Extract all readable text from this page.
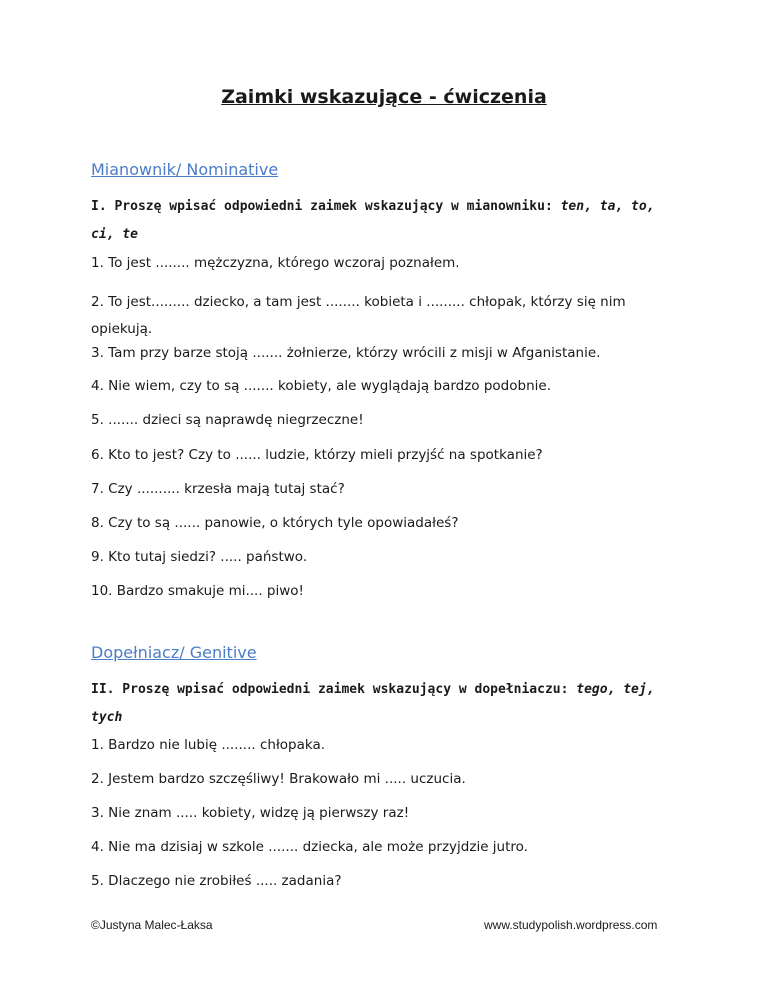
Zaimki wskazujące - ćwiczenia
Mianownik/ Nominative

I. Proszę wpisać odpowiedni zaimek wskazujący w mianowniku: ten, ta, to, ci, te

1. To jest ........ mężczyzna, którego wczoraj poznałem.

2. To jest......... dziecko, a tam jest ........ kobieta i ......... chłopak, którzy się nim opiekują.

3. Tam przy barze stoją ....... żołnierze, którzy wrócili z misji w Afganistanie.

4. Nie wiem, czy to są ....... kobiety, ale wyglądają bardzo podobnie.

5. ....... dzieci są naprawdę niegrzeczne!

6. Kto to jest? Czy to ...... ludzie, którzy mieli przyjść na spotkanie?

7. Czy .......... krzesła mają tutaj stać?

8. Czy to są ...... panowie, o których tyle opowiadałeś?

9. Kto tutaj siedzi? ..... państwo.

10. Bardzo smakuje mi.... piwo!

Dopełniacz/ Genitive

II. Proszę wpisać odpowiedni zaimek wskazujący w dopełniaczu: tego, tej, tych

1. Bardzo nie lubię ........ chłopaka.

2. Jestem bardzo szczęśliwy! Brakowało mi ..... uczucia.

3. Nie znam ..... kobiety, widzę ją pierwszy raz!

4. Nie ma dzisiaj w szkole ....... dziecka, ale może przyjdzie jutro.

5. Dlaczego nie zrobiłeś ..... zadania?

©Justyna Malec-Łaksa	www.studypolish.wordpress.com
